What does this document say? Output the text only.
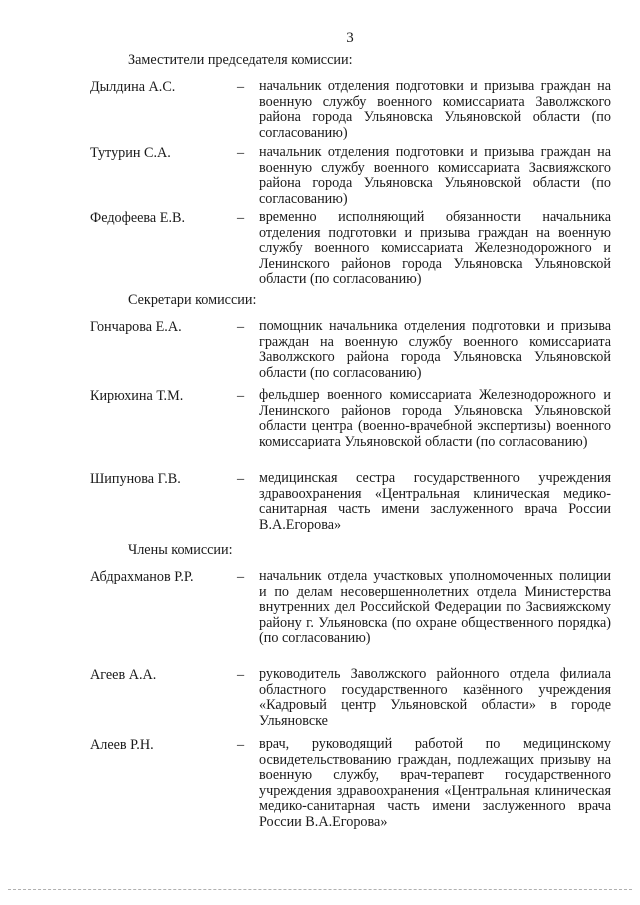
3
Заместители председателя комиссии:
Дылдина А.С.	– начальник отделения подготовки и призыва граждан на военную службу военного комиссариата Заволжского района города Ульяновска Ульяновской области (по согласованию)

Тутурин С.А.	– начальник отделения подготовки и призыва граждан на военную службу военного комиссариата Засвияжского района города Ульяновска Ульяновской области (по согласованию)

Федофеева Е.В.	– временно исполняющий обязанности начальника отделения подготовки и призыва граждан на военную службу военного комиссариата Железнодорожного и Ленинского районов города Ульяновска Ульяновской области (по согласованию)

Секретари комиссии:
Гончарова Е.А.	– помощник начальника отделения подготовки и призыва граждан на военную службу военного комиссариата Заволжского района города Ульяновска Ульяновской области (по согласованию)

Кирюхина Т.М.	– фельдшер военного комиссариата Железнодорожного и Ленинского районов города Ульяновска Ульяновской области центра (военно-врачебной экспертизы) военного комиссариата Ульяновской области (по согласованию)

Шипунова Г.В.	– медицинская сестра государственного учреждения здравоохранения «Центральная клиническая медико-санитарная часть имени заслуженного врача России В.А.Егорова»

Члены комиссии:
Абдрахманов Р.Р.	– начальник отдела участковых уполномоченных полиции и по делам несовершеннолетних отдела Министерства внутренних дел Российской Федерации по Засвияжскому району г. Ульяновска (по охране общественного порядка) (по согласованию)

Агеев А.А.	– руководитель Заволжского районного отдела филиала областного государственного казённого учреждения «Кадровый центр Ульяновской области» в городе Ульяновске

Алеев Р.Н.	– врач, руководящий работой по медицинскому освидетельствованию граждан, подлежащих призыву на военную службу, врач-терапевт государственного учреждения здравоохранения «Центральная клиническая медико-санитарная часть имени заслуженного врача России В.А.Егорова»
